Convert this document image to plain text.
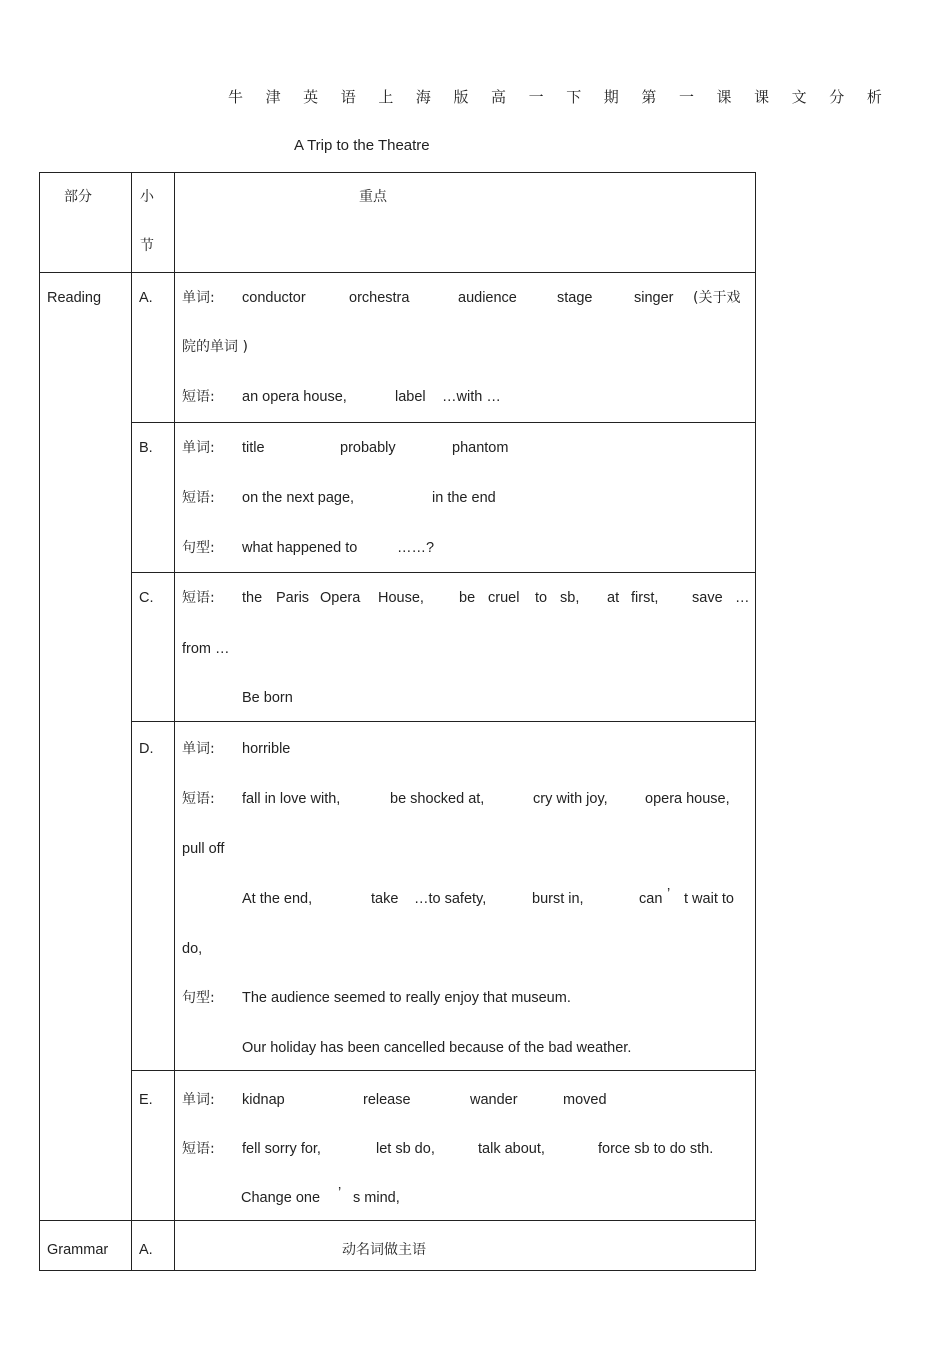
牛 津 英 语 上 海 版 高 一 下 期 第 一 课 课 文 分 析
A Trip to the Theatre
部分	小
节
重点
Reading	A. 单词: conductor	orchestra	audience	stage	singer (关于戏
院的单词 )
短语: an opera house,	label …with …
B. 单词: title	probably	phantom
短语: on the next page,	in the end
句型: what happened to	……?
C. 短语: the Paris Opera House, be cruel to sb, at first, save …
from …
Be born
D. 单词: horrible
短语: fall in love with,	be shocked at,	cry with joy,	opera house,
pull off
At the end,	take …to safety,	burst in,	can ’ t wait to
do,
句型: The audience seemed to really enjoy that museum.
Our holiday has been cancelled because of the bad weather.
E. 单词: kidnap	release	wander	moved
短语: fell sorry for,	let sb do,	talk about,	force sb to do sth.
Change one ’ s mind,
Grammar A.	动名词做主语
